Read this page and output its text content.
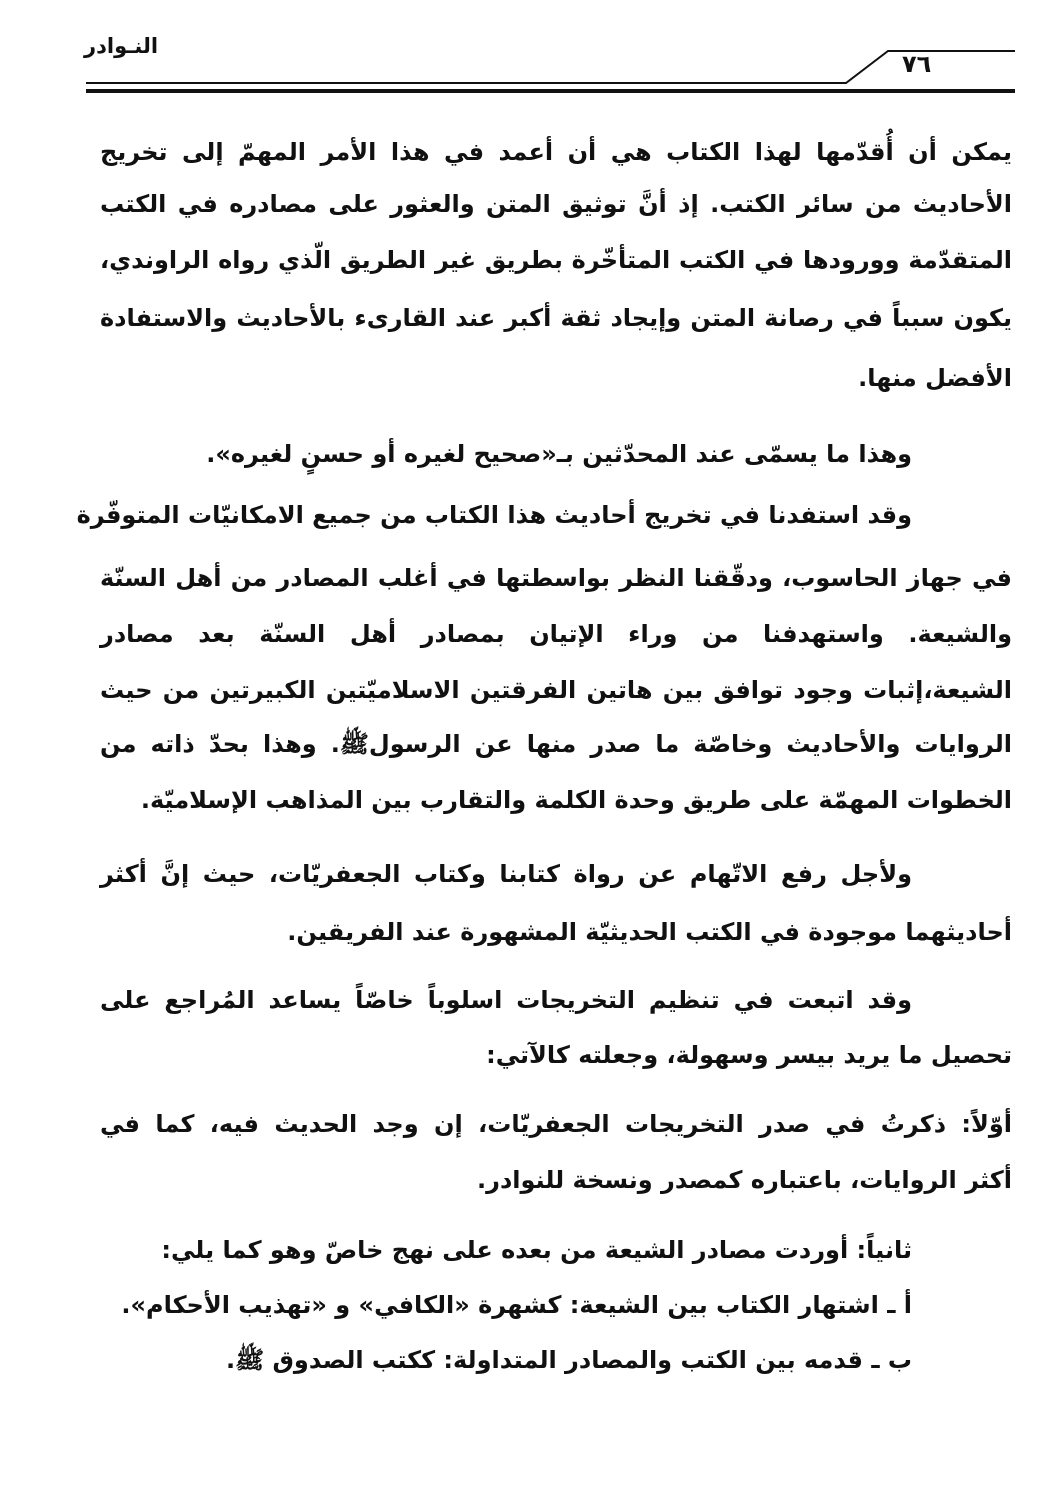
النـوادر
٧٦
يمكن أن أُقدّمها لهذا الكتاب هي أن أعمد في هذا الأمر المهمّ إلى تخريج
الأحاديث من سائر الكتب. إذ أنَّ توثيق المتن والعثور على مصادره في الكتب
المتقدّمة وورودها في الكتب المتأخّرة بطريق غير الطريق الّذي رواه الراوندي،
يكون سبباً في رصانة المتن وإيجاد ثقة أكبر عند القارىء بالأحاديث والاستفادة
الأفضل منها.
وهذا ما يسمّى عند المحدّثين بـ«صحيح لغيره أو حسنٍ لغيره».
وقد استفدنا في تخريج أحاديث هذا الكتاب من جميع الامكانيّات المتوفّرة
في جهاز الحاسوب، ودقّقنا النظر بواسطتها في أغلب المصادر من أهل السنّة
والشيعة. واستهدفنا من وراء الإتيان بمصادر أهل السنّة بعد مصادر
الشيعة،إثبات وجود توافق بين هاتين الفرقتين الاسلاميّتين الكبيرتين من حيث
الروايات والأحاديث وخاصّة ما صدر منها عن الرسولﷺ. وهذا بحدّ ذاته من
الخطوات المهمّة على طريق وحدة الكلمة والتقارب بين المذاهب الإسلاميّة.
ولأجل رفع الاتّهام عن رواة كتابنا وكتاب الجعفريّات، حيث إنَّ أكثر
أحاديثهما موجودة في الكتب الحديثيّة المشهورة عند الفريقين.
وقد اتبعت في تنظيم التخريجات اسلوباً خاصّاً يساعد المُراجع على
تحصيل ما يريد بيسر وسهولة، وجعلته كالآتي:
أوّلاً: ذكرتُ في صدر التخريجات الجعفريّات، إن وجد الحديث فيه، كما في
أكثر الروايات، باعتباره كمصدر ونسخة للنوادر.
ثانياً: أوردت مصادر الشيعة من بعده على نهج خاصّ وهو كما يلي:
أ ـ اشتهار الكتاب بين الشيعة: كشهرة «الكافي» و «تهذيب الأحكام».
ب ـ قدمه بين الكتب والمصادر المتداولة: ككتب الصدوق ﷺ.
